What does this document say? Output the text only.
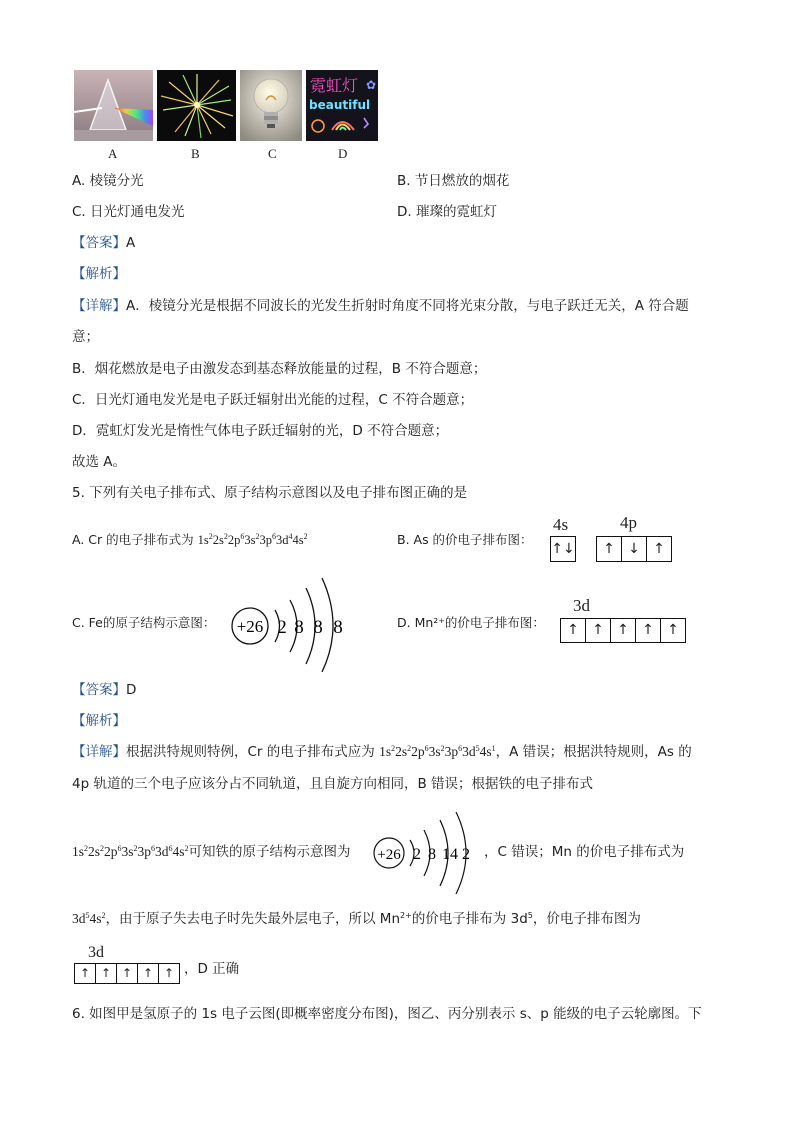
A	B	C
霓虹灯 ✿
beautiful
D
A. 棱镜分光	B. 节日燃放的烟花
C. 日光灯通电发光	D. 璀璨的霓虹灯
【答案】A
【解析】
【详解】A．棱镜分光是根据不同波长的光发生折射时角度不同将光束分散，与电子跃迁无关，A 符合题
意；
B．烟花燃放是电子由激发态到基态释放能量的过程，B 不符合题意；
C．日光灯通电发光是电子跃迁辐射出光能的过程，C 不符合题意；
D．霓虹灯发光是惰性气体电子跃迁辐射的光，D 不符合题意；
故选 A。
5. 下列有关电子排布式、原子结构示意图以及电子排布图正确的是
A. Cr 的电子排布式为 $1s^22s^22p^63s^23p^63d^44s^2$	B. As 的价电子排布图：
4s	4p
↑↓	↑ ↓ ↑
C. Fe的原子结构示意图： +26 2 8 8 8	D. Mn²⁺的价电子排布图：
3d
↑ ↑ ↑ ↑ ↑
【答案】D
【解析】
【详解】根据洪特规则特例，Cr 的电子排布式应为 $1s^22s^22p^63s^23p^63d^54s^1$，A 错误；根据洪特规则，As 的
4p 轨道的三个电子应该分占不同轨道，且自旋方向相同，B 错误；根据铁的电子排布式
$1s^22s^22p^63s^23p^63d^64s^2$可知铁的原子结构示意图为 +26 2 8 14 2 ，C 错误；Mn 的价电子排布式为
$3d^54s^2$，由于原子失去电子时先失最外层电子，所以 $Mn^{2+}$的价电子排布为 $3d^5$，价电子排布图为
3d
↑ ↑ ↑ ↑ ↑ ，D 正确
6. 如图甲是氢原子的 1s 电子云图(即概率密度分布图)，图乙、丙分别表示 s、p 能级的电子云轮廓图。下
